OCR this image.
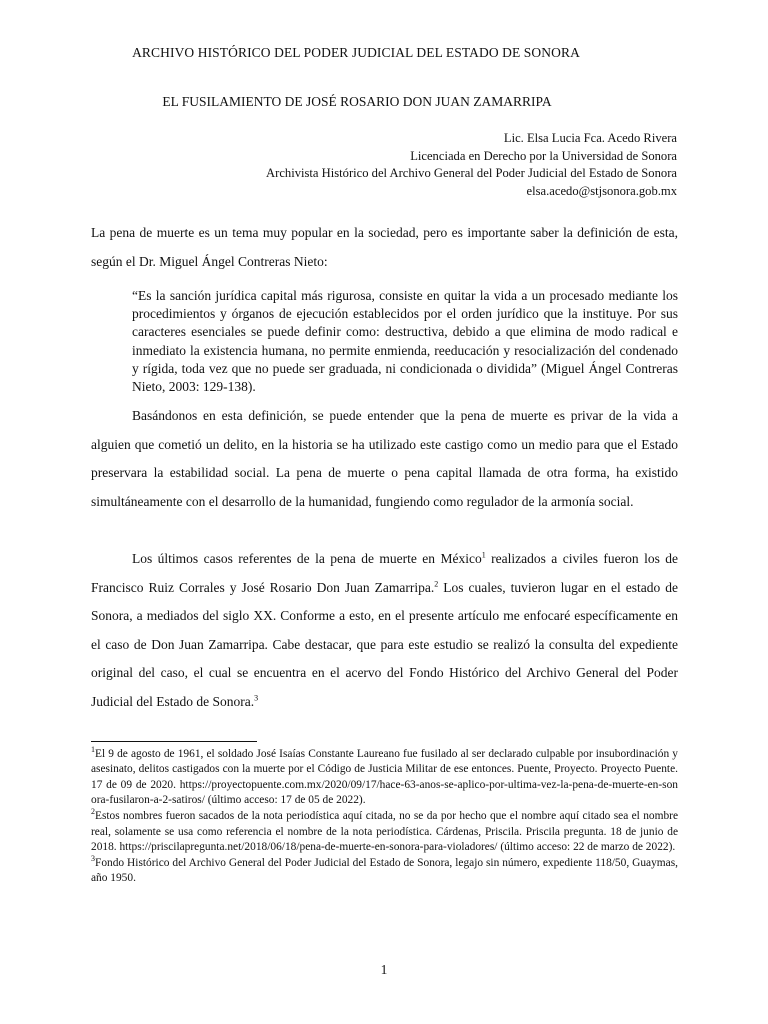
ARCHIVO HISTÓRICO DEL PODER JUDICIAL DEL ESTADO DE SONORA
EL FUSILAMIENTO DE JOSÉ ROSARIO DON JUAN ZAMARRIPA
Lic. Elsa Lucia Fca. Acedo Rivera
Licenciada en Derecho por la Universidad de Sonora
Archivista Histórico del Archivo General del Poder Judicial del Estado de Sonora
elsa.acedo@stjsonora.gob.mx
La pena de muerte es un tema muy popular en la sociedad, pero es importante saber la definición de esta, según el Dr. Miguel Ángel Contreras Nieto:
“Es la sanción jurídica capital más rigurosa, consiste en quitar la vida a un procesado mediante los procedimientos y órganos de ejecución establecidos por el orden jurídico que la instituye. Por sus caracteres esenciales se puede definir como: destructiva, debido a que elimina de modo radical e inmediato la existencia humana, no permite enmienda, reeducación y resocialización del condenado y rígida, toda vez que no puede ser graduada, ni condicionada o dividida” (Miguel Ángel Contreras Nieto, 2003: 129-138).
Basándonos en esta definición, se puede entender que la pena de muerte es privar de la vida a alguien que cometió un delito, en la historia se ha utilizado este castigo como un medio para que el Estado preservara la estabilidad social. La pena de muerte o pena capital llamada de otra forma, ha existido simultáneamente con el desarrollo de la humanidad, fungiendo como regulador de la armonía social.
Los últimos casos referentes de la pena de muerte en México$^1$ realizados a civiles fueron los de Francisco Ruiz Corrales y José Rosario Don Juan Zamarripa.$^2$ Los cuales, tuvieron lugar en el estado de Sonora, a mediados del siglo XX. Conforme a esto, en el presente artículo me enfocaré específicamente en el caso de Don Juan Zamarripa. Cabe destacar, que para este estudio se realizó la consulta del expediente original del caso, el cual se encuentra en el acervo del Fondo Histórico del Archivo General del Poder Judicial del Estado de Sonora.$^3$
$^1$El 9 de agosto de 1961, el soldado José Isaías Constante Laureano fue fusilado al ser declarado culpable por insubordinación y asesinato, delitos castigados con la muerte por el Código de Justicia Militar de ese entonces. Puente, Proyecto. Proyecto Puente. 17 de 09 de 2020. https://proyectopuente.com.mx/2020/09/17/hace-63-anos-se-aplico-por-ultima-vez-la-pena-de-muerte-en-sonora-fusilaron-a-2-satiros/ (último acceso: 17 de 05 de 2022).
$^2$Estos nombres fueron sacados de la nota periodística aquí citada, no se da por hecho que el nombre aquí citado sea el nombre real, solamente se usa como referencia el nombre de la nota periodística. Cárdenas, Priscila. Priscila pregunta. 18 de junio de 2018. https://priscilapregunta.net/2018/06/18/pena-de-muerte-en-sonora-para-violadores/ (último acceso: 22 de marzo de 2022).
$^3$Fondo Histórico del Archivo General del Poder Judicial del Estado de Sonora, legajo sin número, expediente 118/50, Guaymas, año 1950.
1
